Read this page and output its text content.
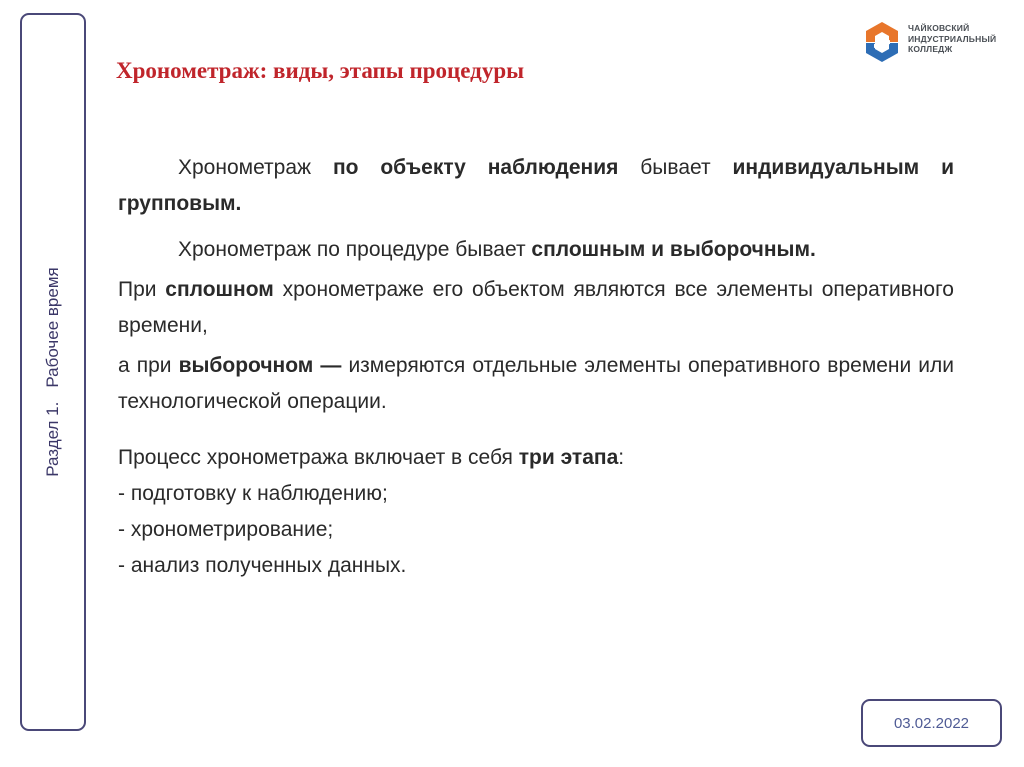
Раздел 1.Рабочее время
ЧАЙКОВСКИЙ
ИНДУСТРИАЛЬНЫЙ
КОЛЛЕДЖ
Хронометраж: виды, этапы процедуры

Хронометраж по объекту наблюдения бывает индивидуальным и групповым.

Хронометраж по процедуре бывает сплошным и выборочным.

При сплошном хронометраже его объектом являются все элементы оперативного времени,

а при выборочном — измеряются отдельные элементы оперативного времени или технологической операции.

Процесс хронометража включает в себя три этапа:

- подготовку к наблюдению;
- хронометрирование;
- анализ полученных данных.
03.02.2022
